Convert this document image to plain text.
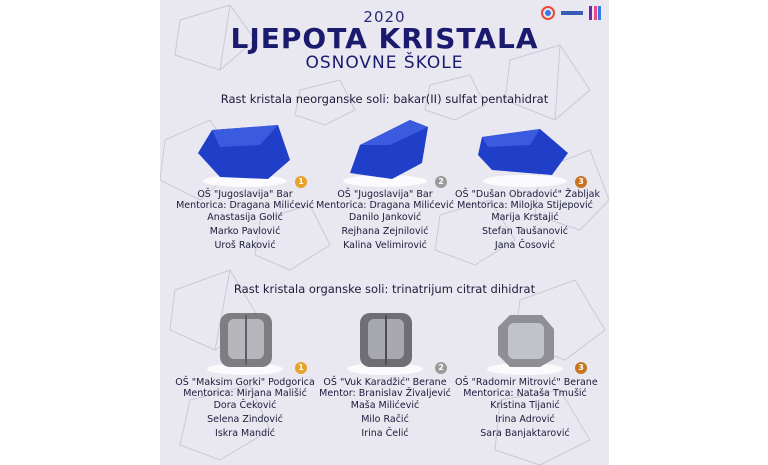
2020
LJEPOTA KRISTALA
OSNOVNE ŠKOLE
Rast kristala neorganske soli: bakar(II) sulfat pentahidrat
1
OŠ "Jugoslavija" Bar
Mentorica: Dragana Milićević
Anastasija Golić
Marko Pavlović
Uroš Raković
2
OŠ "Jugoslavija" Bar
Mentorica: Dragana Milićević
Danilo Janković
Rejhana Zejnilović
Kalina Velimirović
3
OŠ "Dušan Obradović" Žabljak
Mentorica: Milojka Stijepović
Marija Krstajić
Stefan Taušanović
Jana Čosović
Rast kristala organske soli: trinatrijum citrat dihidrat
1
OŠ "Maksim Gorki" Podgorica
Mentorica: Mirjana Mališić
Dora Čeković
Selena Zindović
Iskra Mandić
2
OŠ "Vuk Karadžić" Berane
Mentor: Branislav Živaljević
Maša Milićević
Milo Račić
Irina Čelić
3
OŠ "Radomir Mitrović" Berane
Mentorica: Nataša Tmušić
Kristina Tijanić
Irina Adrović
Sara Banjaktarović
